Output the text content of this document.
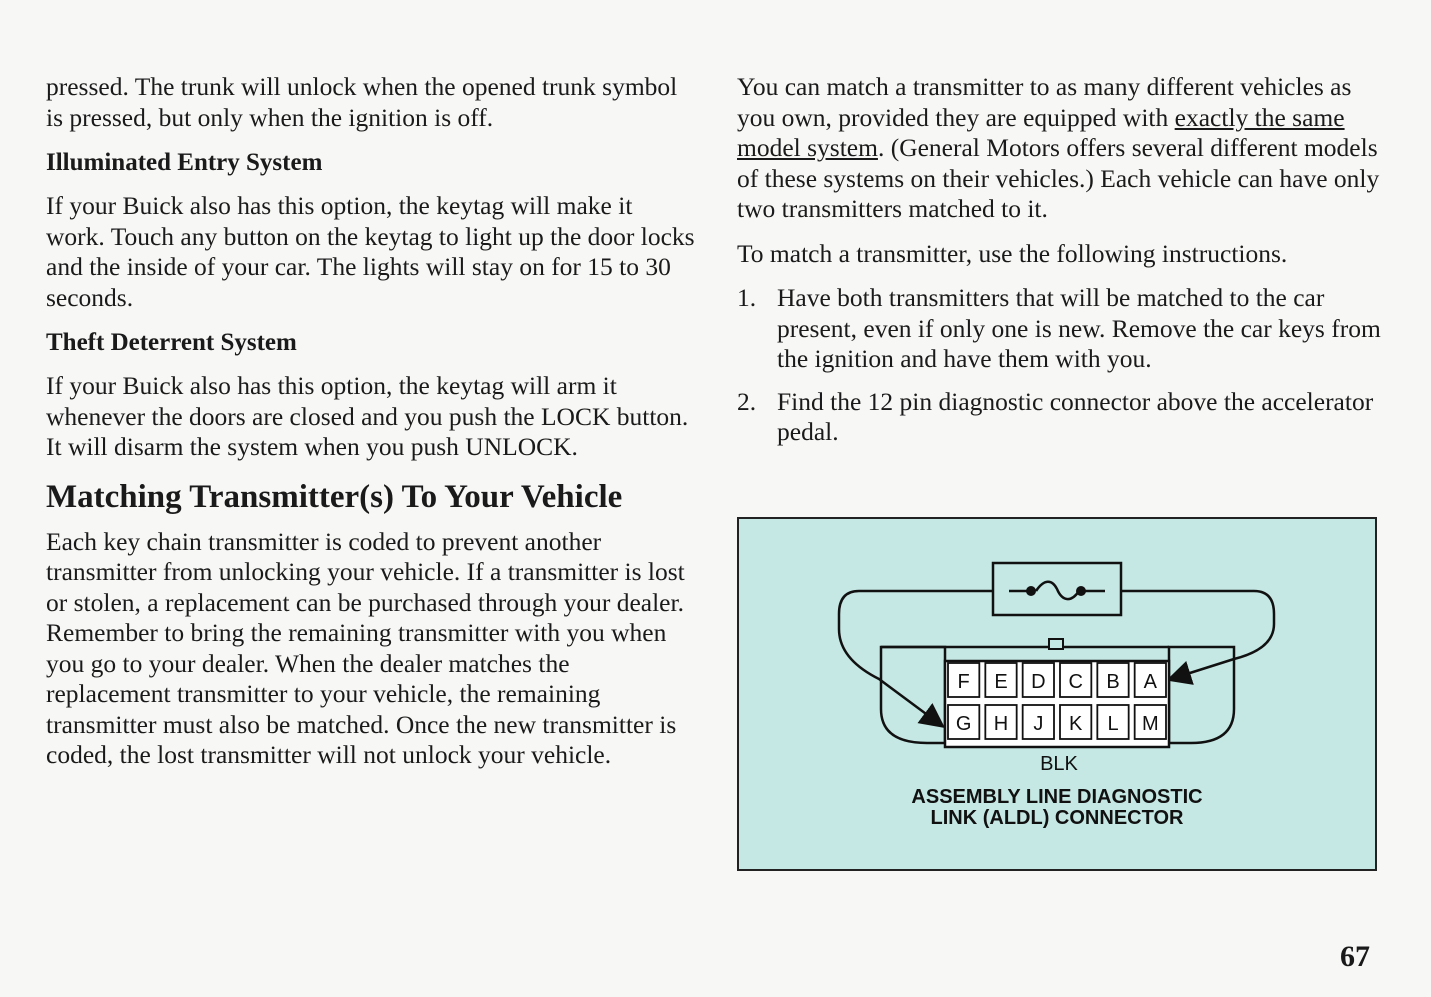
pressed. The trunk will unlock when the opened trunk symbol is pressed, but only when the ignition is off.

Illuminated Entry System

If your Buick also has this option, the keytag will make it work. Touch any button on the keytag to light up the door locks and the inside of your car. The lights will stay on for 15 to 30 seconds.

Theft Deterrent System

If your Buick also has this option, the keytag will arm it whenever the doors are closed and you push the LOCK button. It will disarm the system when you push UNLOCK.

Matching Transmitter(s) To Your Vehicle

Each key chain transmitter is coded to prevent another transmitter from unlocking your vehicle. If a transmitter is lost or stolen, a replacement can be purchased through your dealer. Remember to bring the remaining transmitter with you when you go to your dealer. When the dealer matches the replacement transmitter to your vehicle, the remaining transmitter must also be matched. Once the new transmitter is coded, the lost transmitter will not unlock your vehicle.

You can match a transmitter to as many different vehicles as you own, provided they are equipped with exactly the same model system. (General Motors offers several different models of these systems on their vehicles.) Each vehicle can have only two transmitters matched to it.

To match a transmitter, use the following instructions.

1. Have both transmitters that will be matched to the car present, even if only one is new. Remove the car keys from the ignition and have them with you.
2. Find the 12 pin diagnostic connector above the accelerator pedal.
F E D C B A
G H J K L M
BLK
ASSEMBLY LINE DIAGNOSTIC
LINK (ALDL) CONNECTOR
67
